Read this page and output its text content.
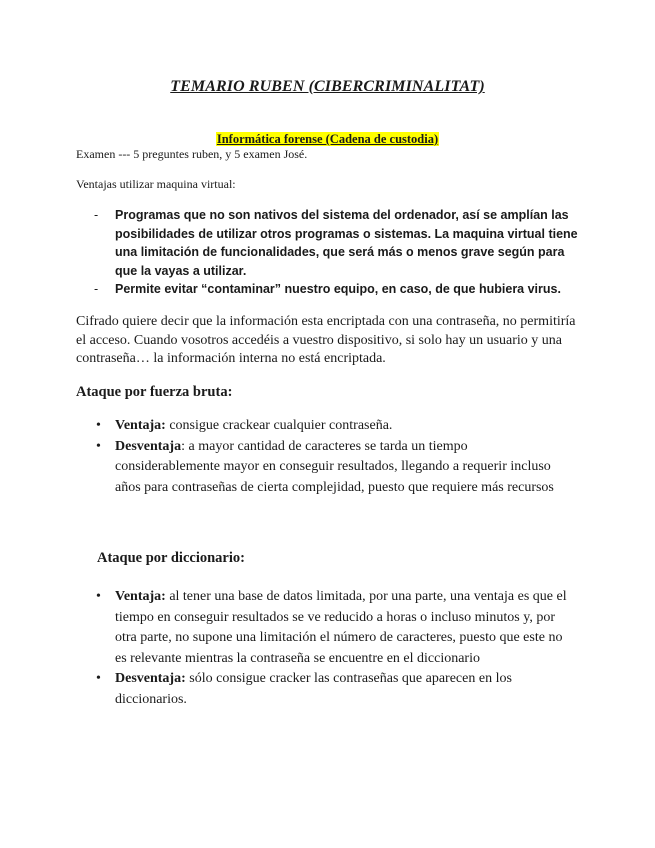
TEMARIO RUBEN (CIBERCRIMINALITAT)
Informática forense (Cadena de custodia)
Examen --- 5 preguntes ruben, y 5 examen José.
Ventajas utilizar maquina virtual:
- Programas que no son nativos del sistema del ordenador, así se amplían las posibilidades de utilizar otros programas o sistemas. La maquina virtual tiene una limitación de funcionalidades, que será más o menos grave según para que la vayas a utilizar.
- Permite evitar “contaminar” nuestro equipo, en caso, de que hubiera virus.
Cifrado quiere decir que la información esta encriptada con una contraseña, no permitiría el acceso. Cuando vosotros accedéis a vuestro dispositivo, si solo hay un usuario y una contraseña… la información interna no está encriptada.
Ataque por fuerza bruta:
• Ventaja: consigue crackear cualquier contraseña.
• Desventaja: a mayor cantidad de caracteres se tarda un tiempo considerablemente mayor en conseguir resultados, llegando a requerir incluso años para contraseñas de cierta complejidad, puesto que requiere más recursos
Ataque por diccionario:
• Ventaja: al tener una base de datos limitada, por una parte, una ventaja es que el tiempo en conseguir resultados se ve reducido a horas o incluso minutos y, por otra parte, no supone una limitación el número de caracteres, puesto que este no es relevante mientras la contraseña se encuentre en el diccionario
• Desventaja: sólo consigue cracker las contraseñas que aparecen en los diccionarios.
